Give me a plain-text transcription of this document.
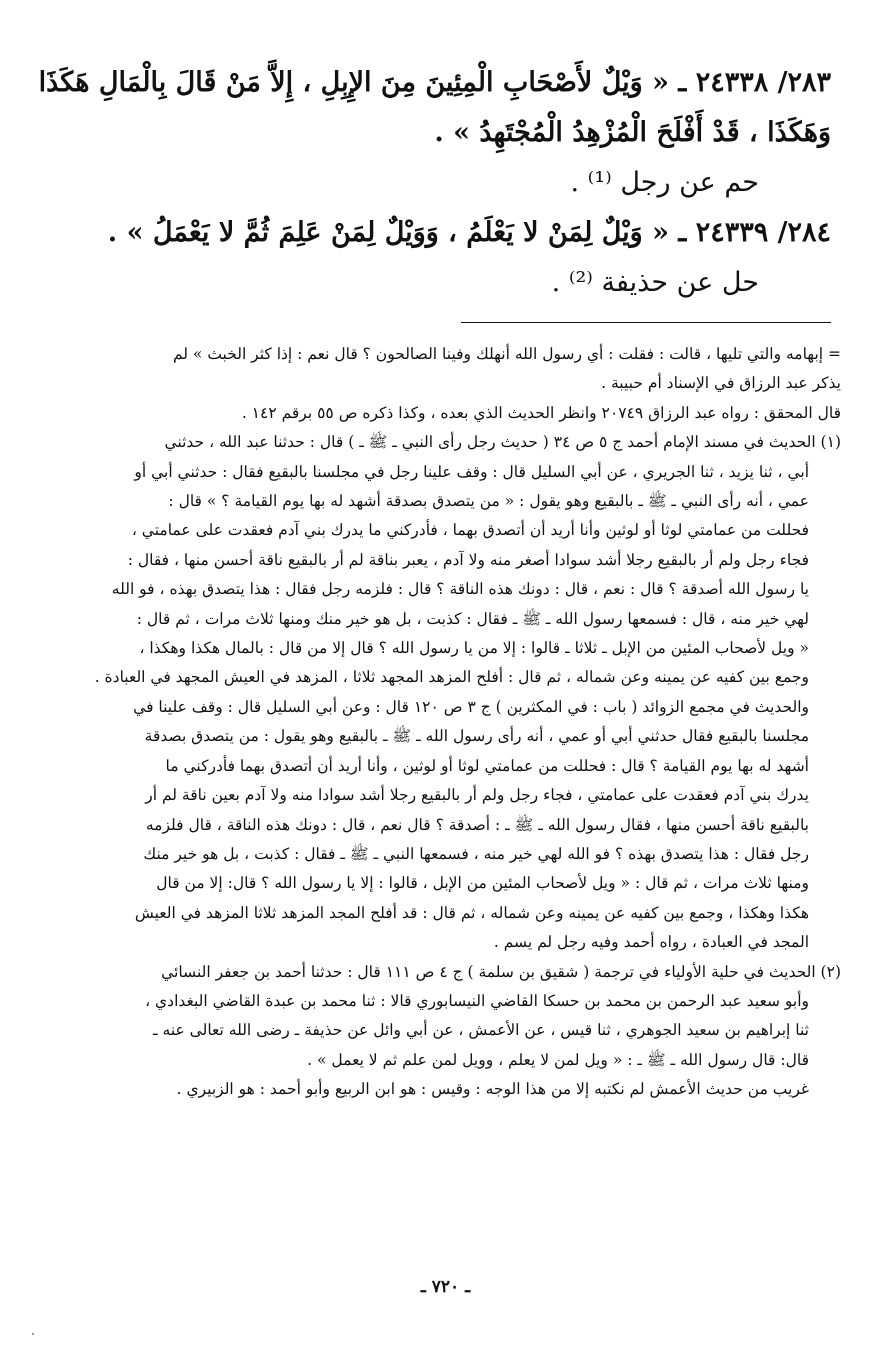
٢٨٣/ ٢٤٣٣٨ ـ « وَيْلٌ لأَصْحَابِ الْمِئِينَ مِنَ الإِبِلِ ، إِلاَّ مَنْ قَالَ بِالْمَالِ هَكَذَا

وَهَكَذَا ، قَدْ أَفْلَحَ الْمُزْهِدُ الْمُجْتَهِدُ » .

حم عن رجل ⁽¹⁾ .

٢٨٤/ ٢٤٣٣٩ ـ « وَيْلٌ لِمَنْ لا يَعْلَمُ ، وَوَيْلٌ لِمَنْ عَلِمَ ثُمَّ لا يَعْمَلُ » .

حل عن حذيفة ⁽²⁾ .

= إبهامه والتي تليها ، قالت : فقلت : أي رسول الله أنهلك وفينا الصالحون ؟ قال نعم : إذا كثر الخبث » لم

يذكر عبد الرزاق في الإسناد أم حبيبة .

قال المحقق : رواه عبد الرزاق ٢٠٧٤٩ وانظر الحديث الذي بعده ، وكذا ذكره ص ٥٥ برقم ١٤٢ .

(١) الحديث في مسند الإمام أحمد ج ٥ ص ٣٤ ( حديث رجل رأى النبي ـ ﷺ ـ ) قال : حدثنا عبد الله ، حدثني

أبي ، ثنا يزيد ، ثنا الجريري ، عن أبي السليل قال : وقف علينا رجل في مجلسنا بالبقيع فقال : حدثني أبي أو

عمي ، أنه رأى النبي ـ ﷺ ـ بالبقيع وهو يقول : « من يتصدق بصدقة أشهد له بها يوم القيامة ؟ » قال :

فحللت من عمامتي لوثا أو لوثين وأنا أريد أن أتصدق بهما ، فأدركني ما يدرك بني آدم فعقدت على عمامتي ،

فجاء رجل ولم أر بالبقيع رجلا أشد سوادا أصغر منه ولا آدم ، يعبر بناقة لم أر بالبقيع ناقة أحسن منها ، فقال :

يا رسول الله أصدقة ؟ قال : نعم ، قال : دونك هذه الناقة ؟ قال : فلزمه رجل فقال : هذا يتصدق بهذه ، فو الله

لهي خير منه ، قال : فسمعها رسول الله ـ ﷺ ـ فقال : كذبت ، بل هو خير منك ومنها ثلاث مرات ، ثم قال :

« ويل لأصحاب المئين من الإبل ـ ثلاثا ـ قالوا : إلا من يا رسول الله ؟ قال إلا من قال : بالمال هكذا وهكذا ،

وجمع بين كفيه عن يمينه وعن شماله ، ثم قال : أفلح المزهد المجهد ثلاثا ، المزهد في العيش المجهد في العبادة .

والحديث في مجمع الزوائد ( باب : في المكثرين ) ج ٣ ص ١٢٠ قال : وعن أبي السليل قال : وقف علينا في

مجلسنا بالبقيع فقال حدثني أبي أو عمي ، أنه رأى رسول الله ـ ﷺ ـ بالبقيع وهو يقول : من يتصدق بصدقة

أشهد له بها يوم القيامة ؟ قال : فحللت من عمامتي لوثا أو لوثين ، وأنا أريد أن أتصدق بهما فأدركني ما

يدرك بني آدم فعقدت على عمامتي ، فجاء رجل ولم أر بالبقيع رجلا أشد سوادا منه ولا آدم بعين ناقة لم أر

بالبقيع ناقة أحسن منها ، فقال رسول الله ـ ﷺ ـ : أصدقة ؟ قال نعم ، قال : دونك هذه الناقة ، قال فلزمه

رجل فقال : هذا يتصدق بهذه ؟ فو الله لهي خير منه ، فسمعها النبي ـ ﷺ ـ فقال : كذبت ، بل هو خير منك

ومنها ثلاث مرات ، ثم قال : « ويل لأصحاب المئين من الإبل ، قالوا : إلا يا رسول الله ؟ قال: إلا من قال

هكذا وهكذا ، وجمع بين كفيه عن يمينه وعن شماله ، ثم قال : قد أفلح المجد المزهد ثلاثا المزهد في العيش

المجد في العبادة ، رواه أحمد وفيه رجل لم يسم .

(٢) الحديث في حلية الأولياء في ترجمة ( شقيق بن سلمة ) ج ٤ ص ١١١ قال : حدثنا أحمد بن جعفر النسائي

وأبو سعيد عبد الرحمن بن محمد بن حسكا القاضي النيسابوري قالا : ثنا محمد بن عبدة القاضي البغدادي ،

ثنا إبراهيم بن سعيد الجوهري ، ثنا قيس ، عن الأعمش ، عن أبي وائل عن حذيفة ـ رضى الله تعالى عنه ـ

قال: قال رسول الله ـ ﷺ ـ : « ويل لمن لا يعلم ، وويل لمن علم ثم لا يعمل » .

غريب من حديث الأعمش لم نكتبه إلا من هذا الوجه : وقيس : هو ابن الربيع وأبو أحمد : هو الزبيري .

ـ ٧٢٠ ـ
